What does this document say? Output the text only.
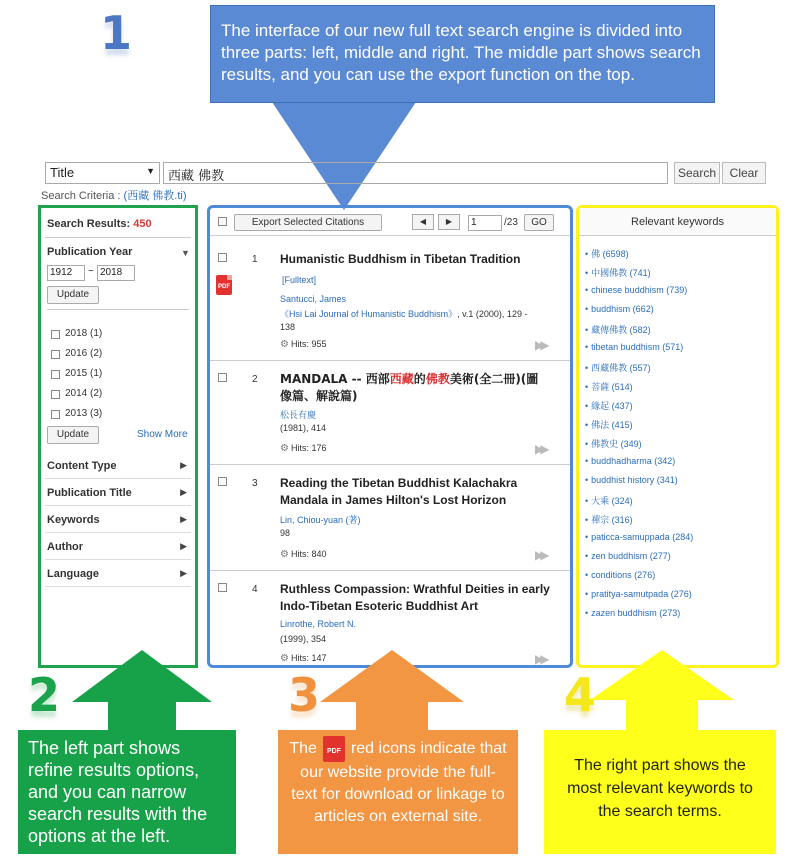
1
2	3	4
The interface of our new full text search engine is divided into three parts: left, middle and right. The middle part shows search results, and you can use the export function on the top.
Title	▼	西藏 佛教	Search	Clear
Search Criteria : (西藏 佛教.ti)
Search Results: 450
Publication Year	▼
1912	~ 2018
Update
2018 (1)
2016 (2)
2015 (1)
2014 (2)
2013 (3)
Update	Show More
Content Type	▶
Publication Title	▶
Keywords	▶
Author	▶
Language	▶
Export Selected Citations	◀	▶	1	/23	GO
1
PDF
Humanistic Buddhism in Tibetan Tradition
[Fulltext]
Santucci, James
《Hsi Lai Journal of Humanistic Buddhism》, v.1 (2000), 129 - 138
⚙ Hits: 955	▶▶
2 MANDALA -- 西部西藏的佛教美術(全二冊)(圖像篇、解說篇)
松長有慶
(1981), 414
⚙ Hits: 176	▶▶
3 Reading the Tibetan Buddhist Kalachakra Mandala in James Hilton's Lost Horizon
Lin, Chiou-yuan (著)
98
⚙ Hits: 840	▶▶
4 Ruthless Compassion: Wrathful Deities in early Indo-Tibetan Esoteric Buddhist Art
Linrothe, Robert N.
(1999), 354
⚙ Hits: 147	▶▶
Relevant keywords
• 佛 (6598)
• 中國佛教 (741)
• chinese buddhism (739)
• buddhism (662)
• 藏傳佛教 (582)
• tibetan buddhism (571)
• 西藏佛教 (557)
• 菩薩 (514)
• 緣起 (437)
• 佛法 (415)
• 佛教史 (349)
• buddhadharma (342)
• buddhist history (341)
• 大乘 (324)
• 禪宗 (316)
• paticca-samuppada (284)
• zen buddhism (277)
• conditions (276)
• pratitya-samutpada (276)
• zazen buddhism (273)
The left part shows refine results options, and you can narrow search results with the options at the left.
The PDF red icons indicate that our website provide the full-text for download or linkage to articles on external site.
The right part shows the most relevant keywords to the search terms.
